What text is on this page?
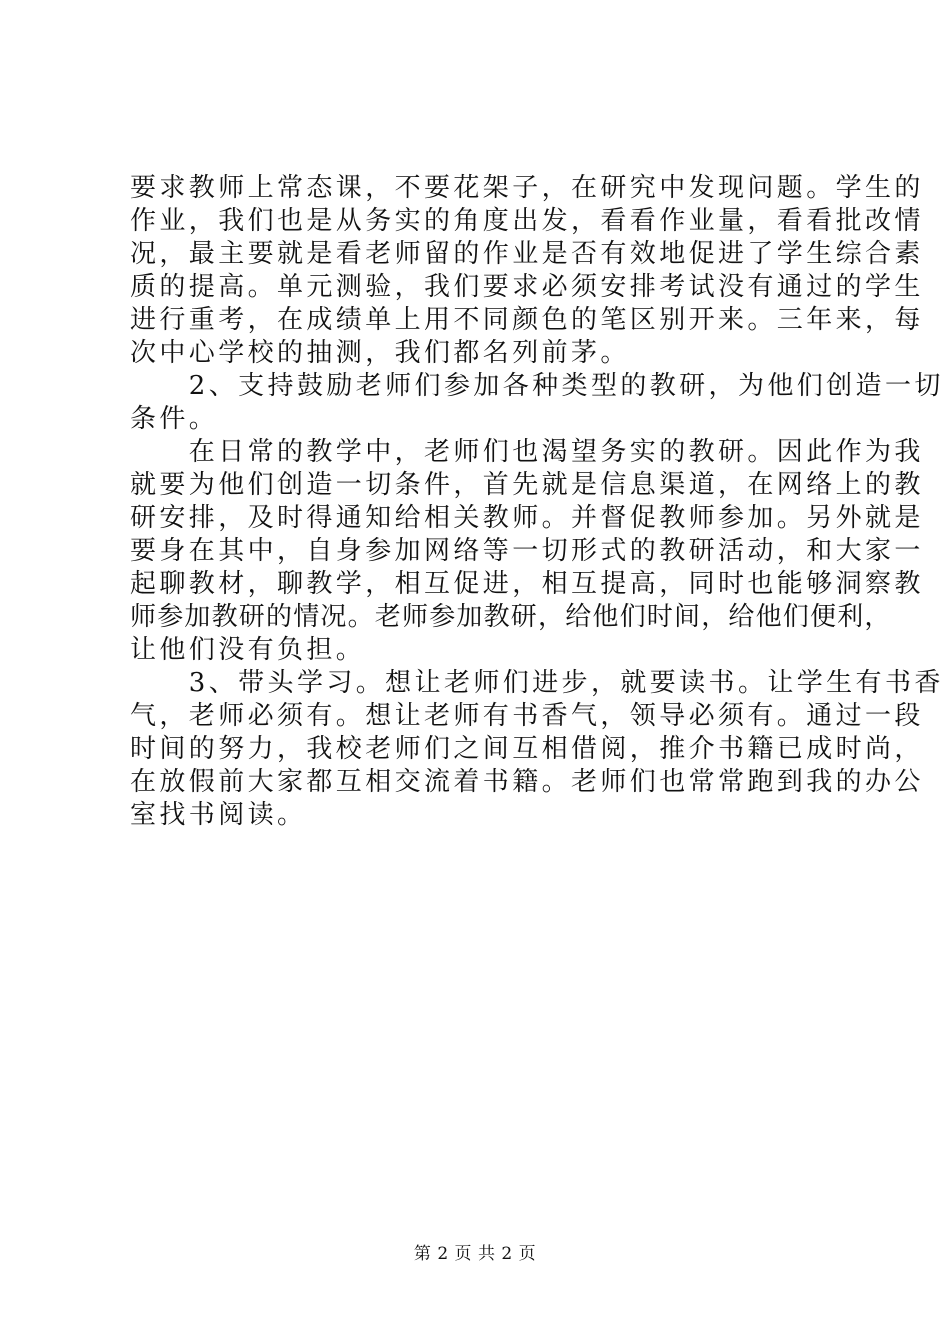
要求教师上常态课，不要花架子，在研究中发现问题。学生的
作业，我们也是从务实的角度出发，看看作业量，看看批改情
况，最主要就是看老师留的作业是否有效地促进了学生综合素
质的提高。单元测验，我们要求必须安排考试没有通过的学生
进行重考，在成绩单上用不同颜色的笔区别开来。三年来，每
次中心学校的抽测，我们都名列前茅。
　　2、支持鼓励老师们参加各种类型的教研，为他们创造一切
条件。
　　在日常的教学中，老师们也渴望务实的教研。因此作为我
就要为他们创造一切条件，首先就是信息渠道，在网络上的教
研安排，及时得通知给相关教师。并督促教师参加。另外就是
要身在其中，自身参加网络等一切形式的教研活动，和大家一
起聊教材，聊教学，相互促进，相互提高，同时也能够洞察教
师参加教研的情况。老师参加教研，给他们时间，给他们便利，
让他们没有负担。
　　3、带头学习。想让老师们进步，就要读书。让学生有书香
气，老师必须有。想让老师有书香气，领导必须有。通过一段
时间的努力，我校老师们之间互相借阅，推介书籍已成时尚，
在放假前大家都互相交流着书籍。老师们也常常跑到我的办公
室找书阅读。
第 2 页 共 2 页
